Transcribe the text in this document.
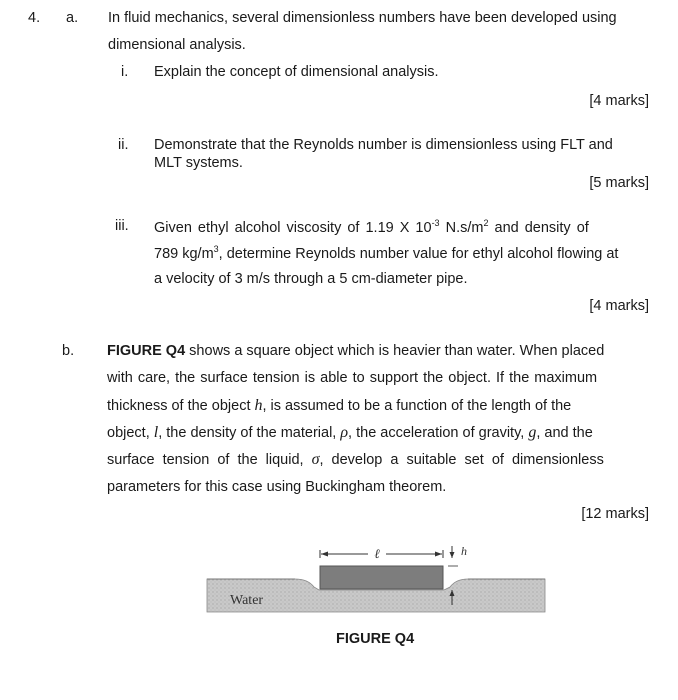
4. a. In fluid mechanics, several dimensionless numbers have been developed using
dimensional analysis.
i. Explain the concept of dimensional analysis.
[4 marks]
ii. Demonstrate that the Reynolds number is dimensionless using FLT and
MLT systems.
[5 marks]
iii. Given ethyl alcohol viscosity of 1.19 X $10^{-3}$ $N.s/m^2$ and density of
789 $kg/m^3$, determine Reynolds number value for ethyl alcohol flowing at
a velocity of 3 m/s through a 5 cm-diameter pipe.
[4 marks]
b. FIGURE Q4 shows a square object which is heavier than water. When placed
with care, the surface tension is able to support the object. If the maximum
thickness of the object h, is assumed to be a function of the length of the
object, l, the density of the material, ρ, the acceleration of gravity, g, and the
surface tension of the liquid, σ, develop a suitable set of dimensionless
parameters for this case using Buckingham theorem.
[12 marks]
ℓ	h
Water
FIGURE Q4
